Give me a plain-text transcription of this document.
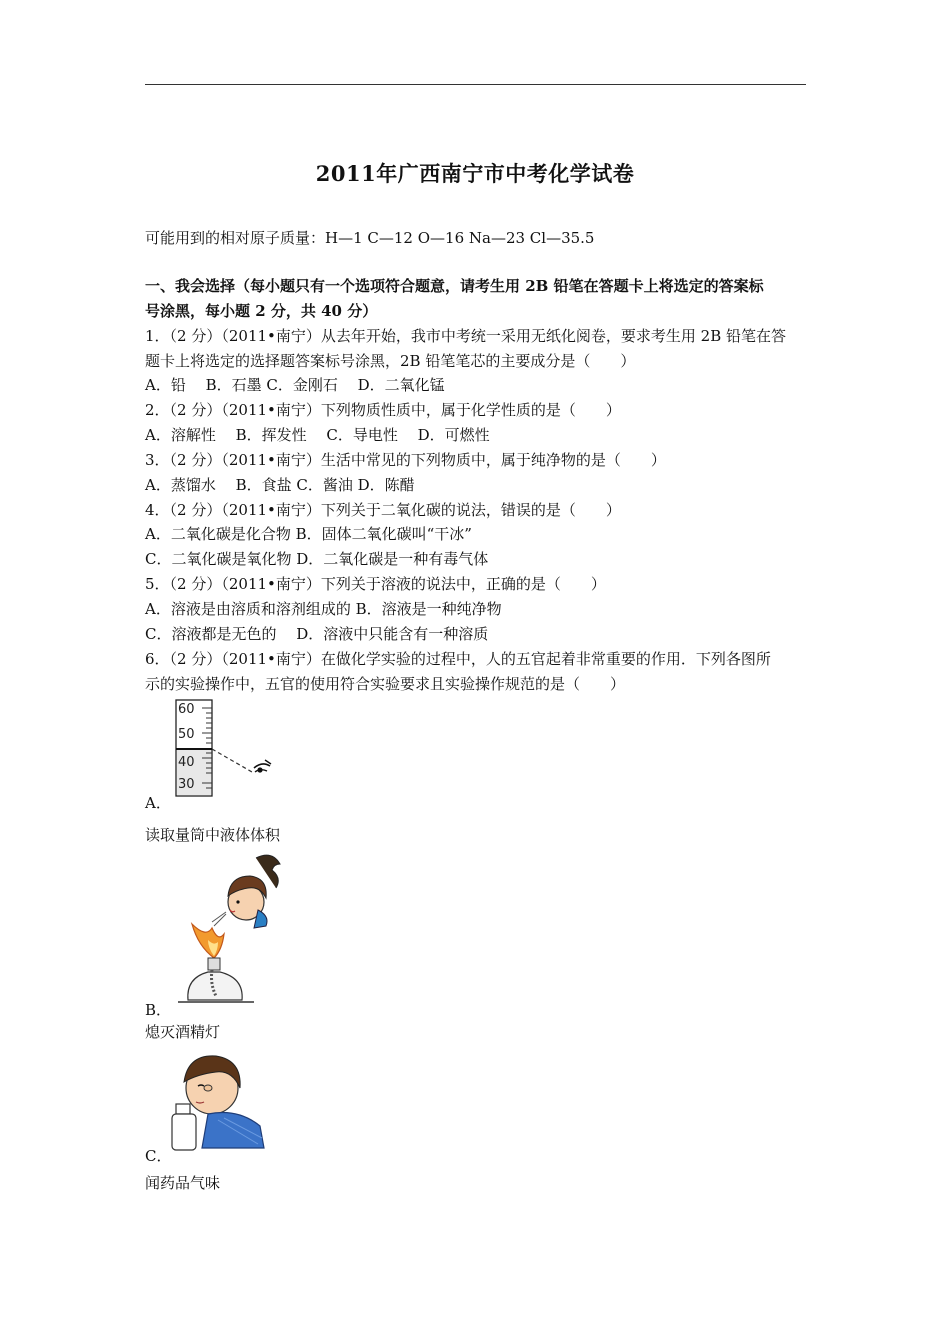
2011年广西南宁市中考化学试卷
可能用到的相对原子质量：H—1 C—12 O—16 Na—23 Cl—35.5
一、我会选择（每小题只有一个选项符合题意，请考生用 2B 铅笔在答题卡上将选定的答案标
号涂黑，每小题 2 分，共 40 分）
1．（2 分）（2011•南宁）从去年开始，我市中考统一采用无纸化阅卷，要求考生用 2B 铅笔在答
题卡上将选定的选择题答案标号涂黑，2B 铅笔笔芯的主要成分是（　　）
A．铅　 B．石墨 C．金刚石　 D．二氧化锰
2．（2 分）（2011•南宁）下列物质性质中，属于化学性质的是（　　）
A．溶解性　 B．挥发性　 C．导电性　 D．可燃性
3．（2 分）（2011•南宁）生活中常见的下列物质中，属于纯净物的是（　　）
A．蒸馏水　 B．食盐 C．酱油 D．陈醋
4．（2 分）（2011•南宁）下列关于二氧化碳的说法，错误的是（　　）
A．二氧化碳是化合物 B．固体二氧化碳叫“干冰”
C．二氧化碳是氧化物 D．二氧化碳是一种有毒气体
5．（2 分）（2011•南宁）下列关于溶液的说法中，正确的是（　　）
A．溶液是由溶质和溶剂组成的 B．溶液是一种纯净物
C．溶液都是无色的　 D．溶液中只能含有一种溶质
6．（2 分）（2011•南宁）在做化学实验的过程中，人的五官起着非常重要的作用．下列各图所
示的实验操作中，五官的使用符合实验要求且实验操作规范的是（　　）
60
50
40
30
A．
读取量筒中液体体积
B．
熄灭酒精灯
C．
闻药品气味
